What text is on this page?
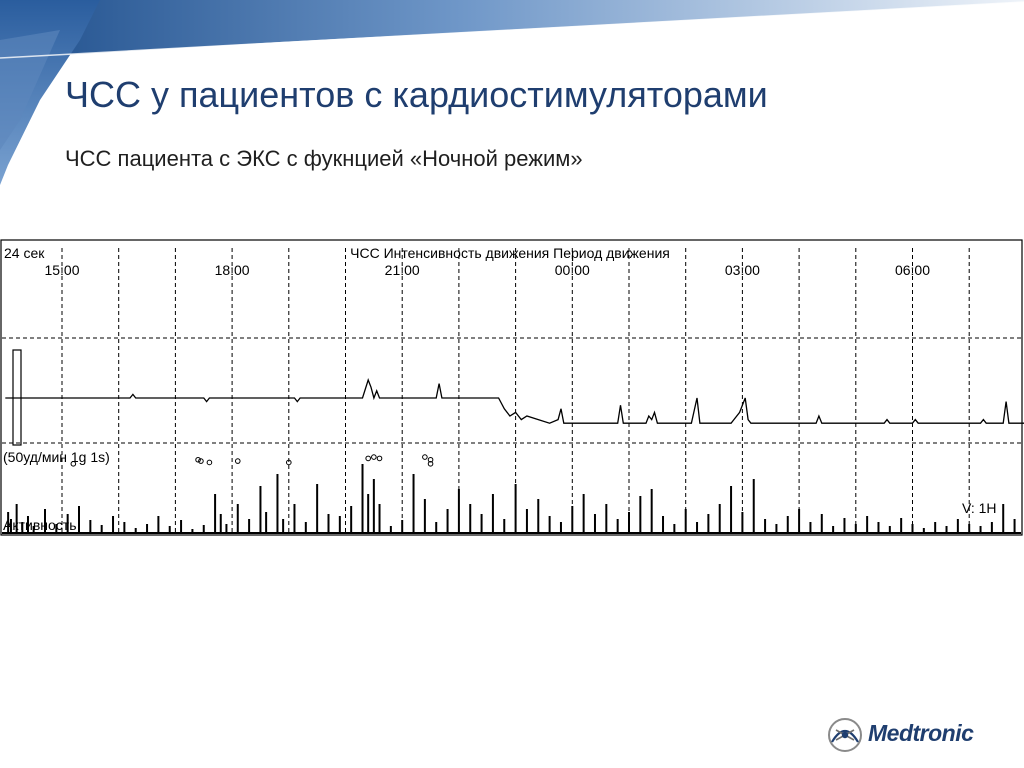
ЧСС у пациентов с кардиостимуляторами
ЧСС пациента с ЭКС с фукнцией «Ночной режим»
15:00	18:00	21:00	00:00	03:00	06:00
ЧСС Интенсивность движения Период движения
24 сек
(50уд/мин 1g 1s)
Активность
V: 1H
Medtronic
